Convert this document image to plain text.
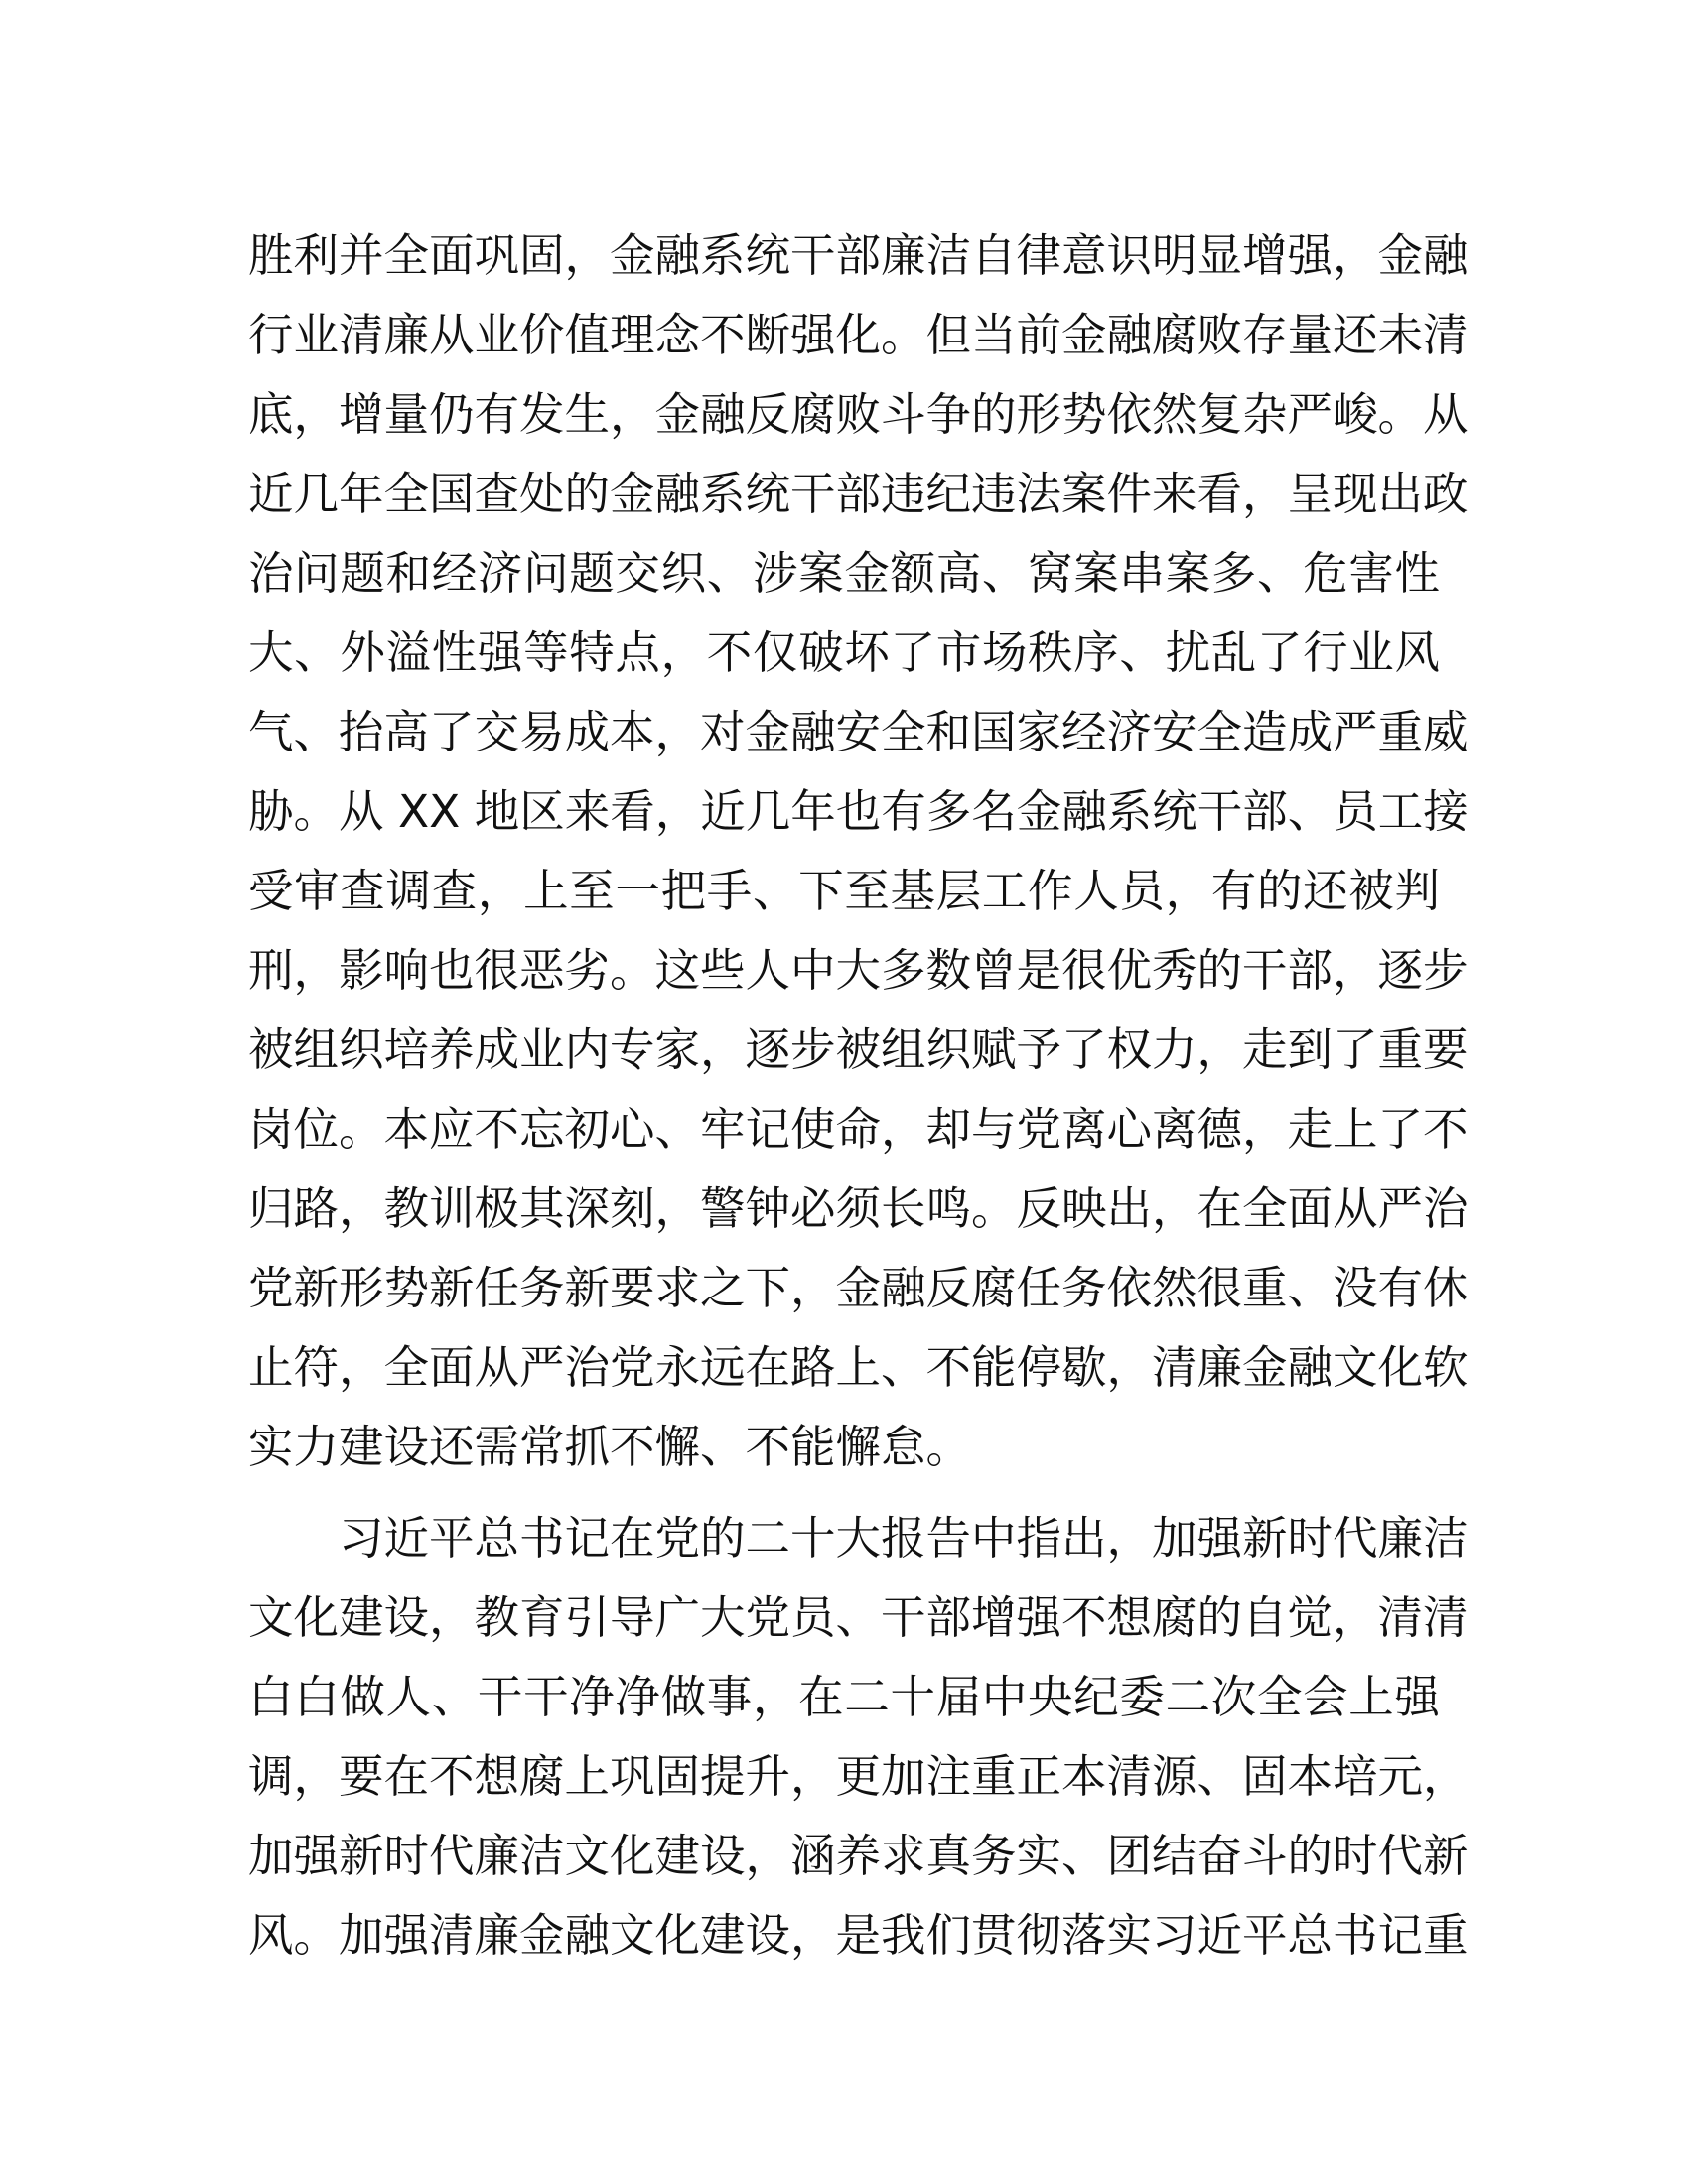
胜利并全面巩固，金融系统干部廉洁自律意识明显增强，金融
行业清廉从业价值理念不断强化。但当前金融腐败存量还未清
底，增量仍有发生，金融反腐败斗争的形势依然复杂严峻。从
近几年全国查处的金融系统干部违纪违法案件来看，呈现出政
治问题和经济问题交织、涉案金额高、窝案串案多、危害性
大、外溢性强等特点，不仅破坏了市场秩序、扰乱了行业风
气、抬高了交易成本，对金融安全和国家经济安全造成严重威
胁。从 XX 地区来看，近几年也有多名金融系统干部、员工接
受审查调查，上至一把手、下至基层工作人员，有的还被判
刑，影响也很恶劣。这些人中大多数曾是很优秀的干部，逐步
被组织培养成业内专家，逐步被组织赋予了权力，走到了重要
岗位。本应不忘初心、牢记使命，却与党离心离德，走上了不
归路，教训极其深刻，警钟必须长鸣。反映出，在全面从严治
党新形势新任务新要求之下，金融反腐任务依然很重、没有休
止符，全面从严治党永远在路上、不能停歇，清廉金融文化软
实力建设还需常抓不懈、不能懈怠。
习近平总书记在党的二十大报告中指出，加强新时代廉洁
文化建设，教育引导广大党员、干部增强不想腐的自觉，清清
白白做人、干干净净做事，在二十届中央纪委二次全会上强
调，要在不想腐上巩固提升，更加注重正本清源、固本培元，
加强新时代廉洁文化建设，涵养求真务实、团结奋斗的时代新
风。加强清廉金融文化建设，是我们贯彻落实习近平总书记重
